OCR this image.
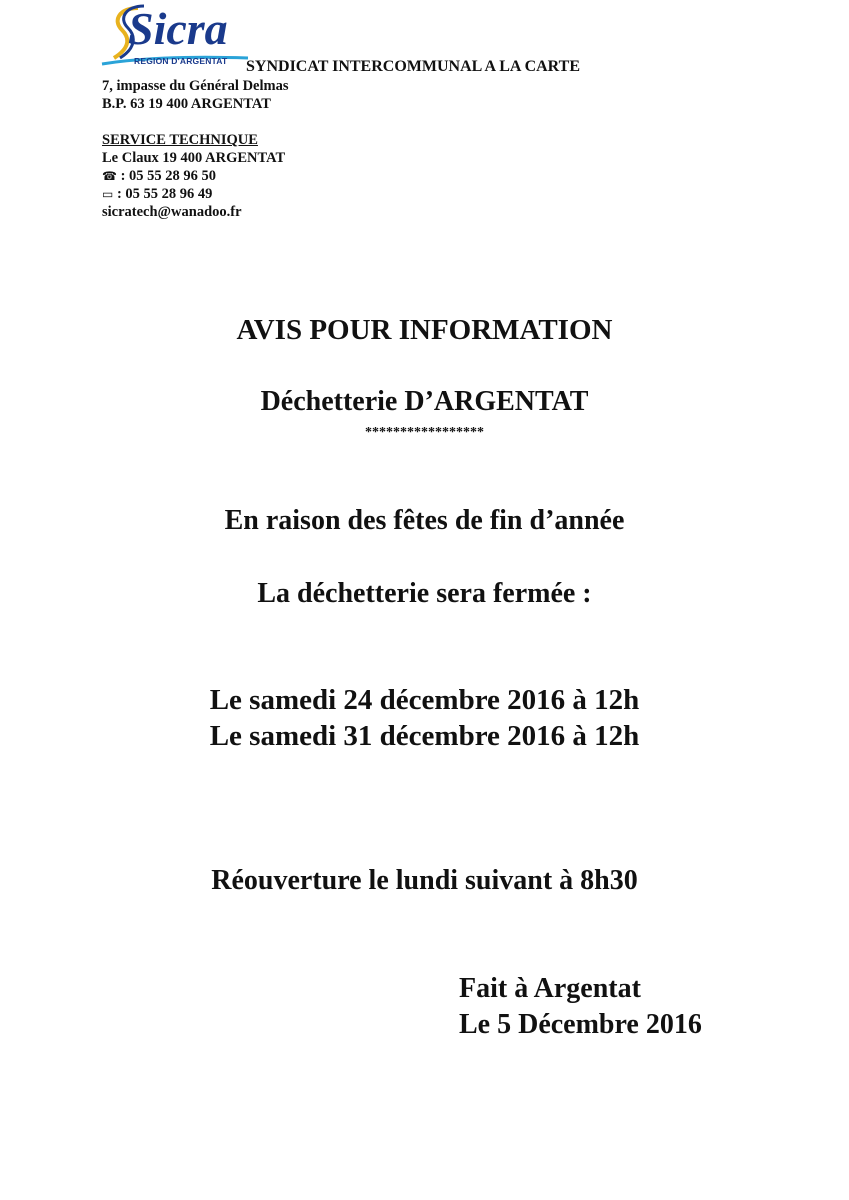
Sicra
REGION D'ARGENTAT SYNDICAT INTERCOMMUNAL A LA CARTE
7, impasse du Général Delmas
B.P. 63 19 400 ARGENTAT
SERVICE TECHNIQUE
Le Claux 19 400 ARGENTAT
☎ : 05 55 28 96 50
▭ : 05 55 28 96 49
sicratech@wanadoo.fr
AVIS POUR INFORMATION
Déchetterie D’ARGENTAT
*****************
En raison des fêtes de fin d’année
La déchetterie sera fermée :
Le samedi 24 décembre 2016 à 12h
Le samedi 31 décembre 2016 à 12h
Réouverture le lundi suivant à 8h30
Fait à Argentat
Le 5 Décembre 2016
